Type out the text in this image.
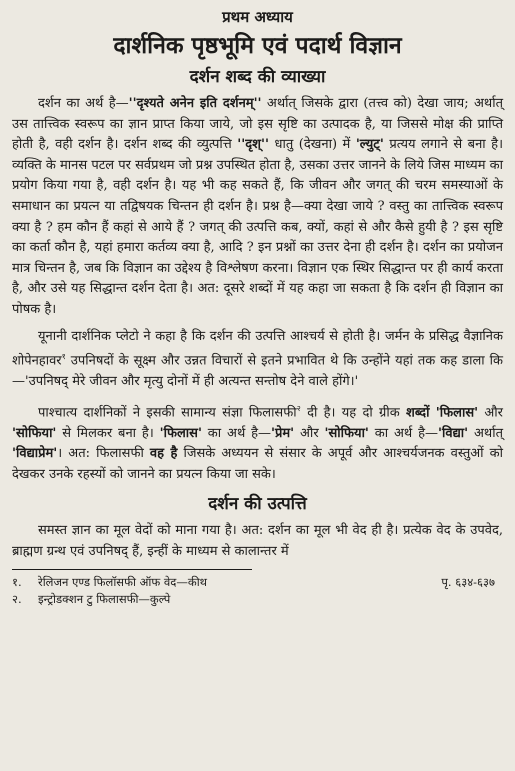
प्रथम अध्याय
दार्शनिक पृष्ठभूमि एवं पदार्थ विज्ञान
दर्शन शब्द की व्याख्या

दर्शन का अर्थ है—''दृश्यते अनेन इति दर्शनम्'' अर्थात् जिसके द्वारा (तत्त्व को) देखा जाय; अर्थात् उस तात्त्विक स्वरूप का ज्ञान प्राप्त किया जाये, जो इस सृष्टि का उत्पादक है, या जिससे मोक्ष की प्राप्ति होती है, वही दर्शन है। दर्शन शब्द की व्युत्पत्ति ''दृश्'' धातु (देखना) में 'ल्युट्' प्रत्यय लगाने से बना है। व्यक्ति के मानस पटल पर सर्वप्रथम जो प्रश्न उपस्थित होता है, उसका उत्तर जानने के लिये जिस माध्यम का प्रयोग किया गया है, वही दर्शन है। यह भी कह सकते हैं, कि जीवन और जगत् की चरम समस्याओं के समाधान का प्रयत्न या तद्विषयक चिन्तन ही दर्शन है। प्रश्न है—क्या देखा जाये ? वस्तु का तात्त्विक स्वरूप क्या है ? हम कौन हैं कहां से आये हैं ? जगत् की उत्पत्ति कब, क्यों, कहां से और कैसे हुयी है ? इस सृष्टि का कर्ता कौन है, यहां हमारा कर्तव्य क्या है, आदि ? इन प्रश्नों का उत्तर देना ही दर्शन है। दर्शन का प्रयोजन मात्र चिन्तन है, जब कि विज्ञान का उद्देश्य है विश्लेषण करना। विज्ञान एक स्थिर सिद्धान्त पर ही कार्य करता है, और उसे यह सिद्धान्त दर्शन देता है। अत: दूसरे शब्दों में यह कहा जा सकता है कि दर्शन ही विज्ञान का पोषक है।

यूनानी दार्शनिक प्लेटो ने कहा है कि दर्शन की उत्पत्ति आश्चर्य से होती है। जर्मन के प्रसिद्ध वैज्ञानिक शोपेनहावर$^१$ उपनिषदों के सूक्ष्म और उन्नत विचारों से इतने प्रभावित थे कि उन्होंने यहां तक कह डाला कि—'उपनिषद् मेरे जीवन और मृत्यु दोनों में ही अत्यन्त सन्तोष देने वाले होंगे।'

पाश्चात्य दार्शनिकों ने इसकी सामान्य संज्ञा फिलासफी$^२$ दी है। यह दो ग्रीक शब्दों 'फिलास' और 'सोफिया' से मिलकर बना है। 'फिलास' का अर्थ है—'प्रेम' और 'सोफिया' का अर्थ है—'विद्या' अर्थात् 'विद्याप्रेम'। अत: फिलासफी वह है जिसके अध्ययन से संसार के अपूर्व और आश्चर्यजनक वस्तुओं को देखकर उनके रहस्यों को जानने का प्रयत्न किया जा सके।

दर्शन की उत्पत्ति

समस्त ज्ञान का मूल वेदों को माना गया है। अत: दर्शन का मूल भी वेद ही है। प्रत्येक वेद के उपवेद, ब्राह्मण ग्रन्थ एवं उपनिषद् हैं, इन्हीं के माध्यम से कालान्तर में

१.	रेलिजन एण्ड फिलॉसफी ऑफ वेद—कीथ	पृ. ६३४-६३७
२.	इन्ट्रोडक्शन टु फिलासफी—कुल्पे
